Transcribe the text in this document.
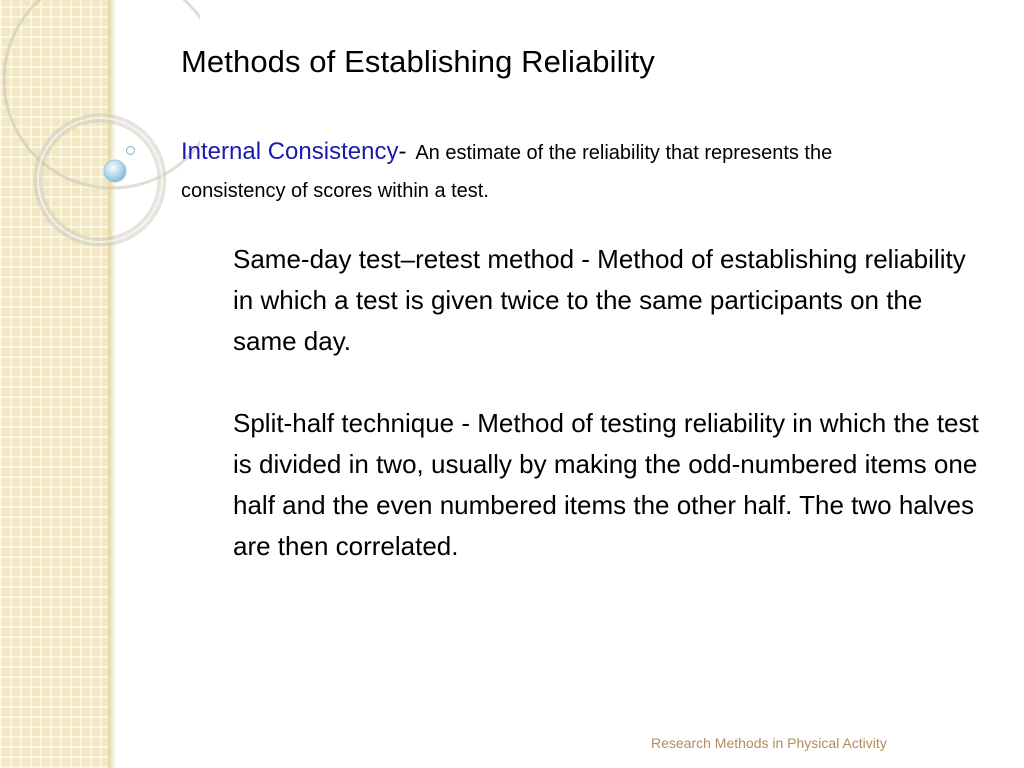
Methods of Establishing Reliability

Internal Consistency- An estimate of the reliability that represents the consistency of scores within a test.

Same-day test–retest method - Method of establishing reliability in which a test is given twice to the same participants on the same day.

Split-half technique - Method of testing reliability in which the test is divided in two, usually by making the odd-numbered items one half and the even numbered items the other half. The two halves are then correlated.

Research Methods in Physical Activity
